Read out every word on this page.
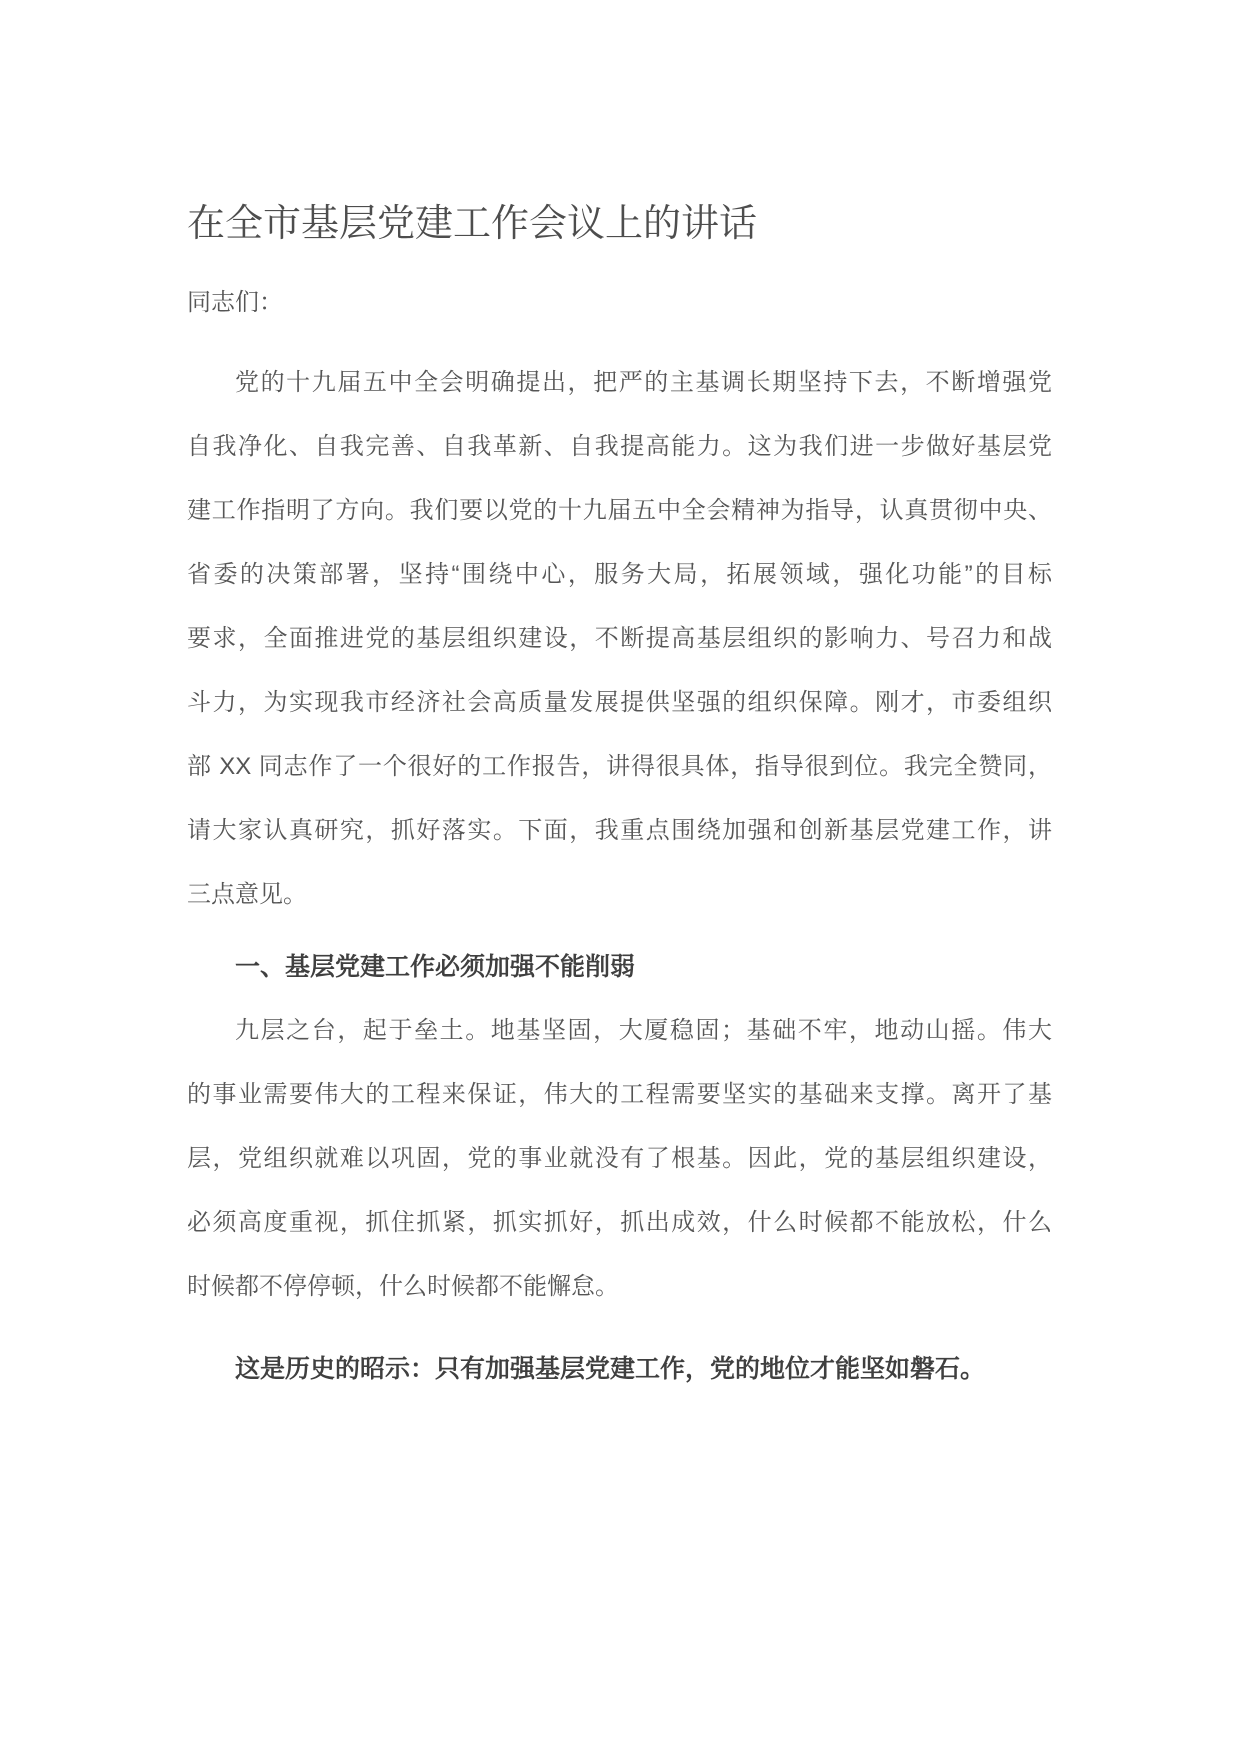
在全市基层党建工作会议上的讲话
同志们：
党的十九届五中全会明确提出，把严的主基调长期坚持下去，不断增强党
自我净化、自我完善、自我革新、自我提高能力。这为我们进一步做好基层党
建工作指明了方向。我们要以党的十九届五中全会精神为指导，认真贯彻中央、
省委的决策部署，坚持“围绕中心，服务大局，拓展领域，强化功能”的目标
要求，全面推进党的基层组织建设，不断提高基层组织的影响力、号召力和战
斗力，为实现我市经济社会高质量发展提供坚强的组织保障。刚才，市委组织
部 XX 同志作了一个很好的工作报告，讲得很具体，指导很到位。我完全赞同，
请大家认真研究，抓好落实。下面，我重点围绕加强和创新基层党建工作，讲
三点意见。
一、基层党建工作必须加强不能削弱
九层之台，起于垒土。地基坚固，大厦稳固；基础不牢，地动山摇。伟大
的事业需要伟大的工程来保证，伟大的工程需要坚实的基础来支撑。离开了基
层，党组织就难以巩固，党的事业就没有了根基。因此，党的基层组织建设，
必须高度重视，抓住抓紧，抓实抓好，抓出成效，什么时候都不能放松，什么
时候都不停停顿，什么时候都不能懈怠。
这是历史的昭示：只有加强基层党建工作，党的地位才能坚如磐石。
